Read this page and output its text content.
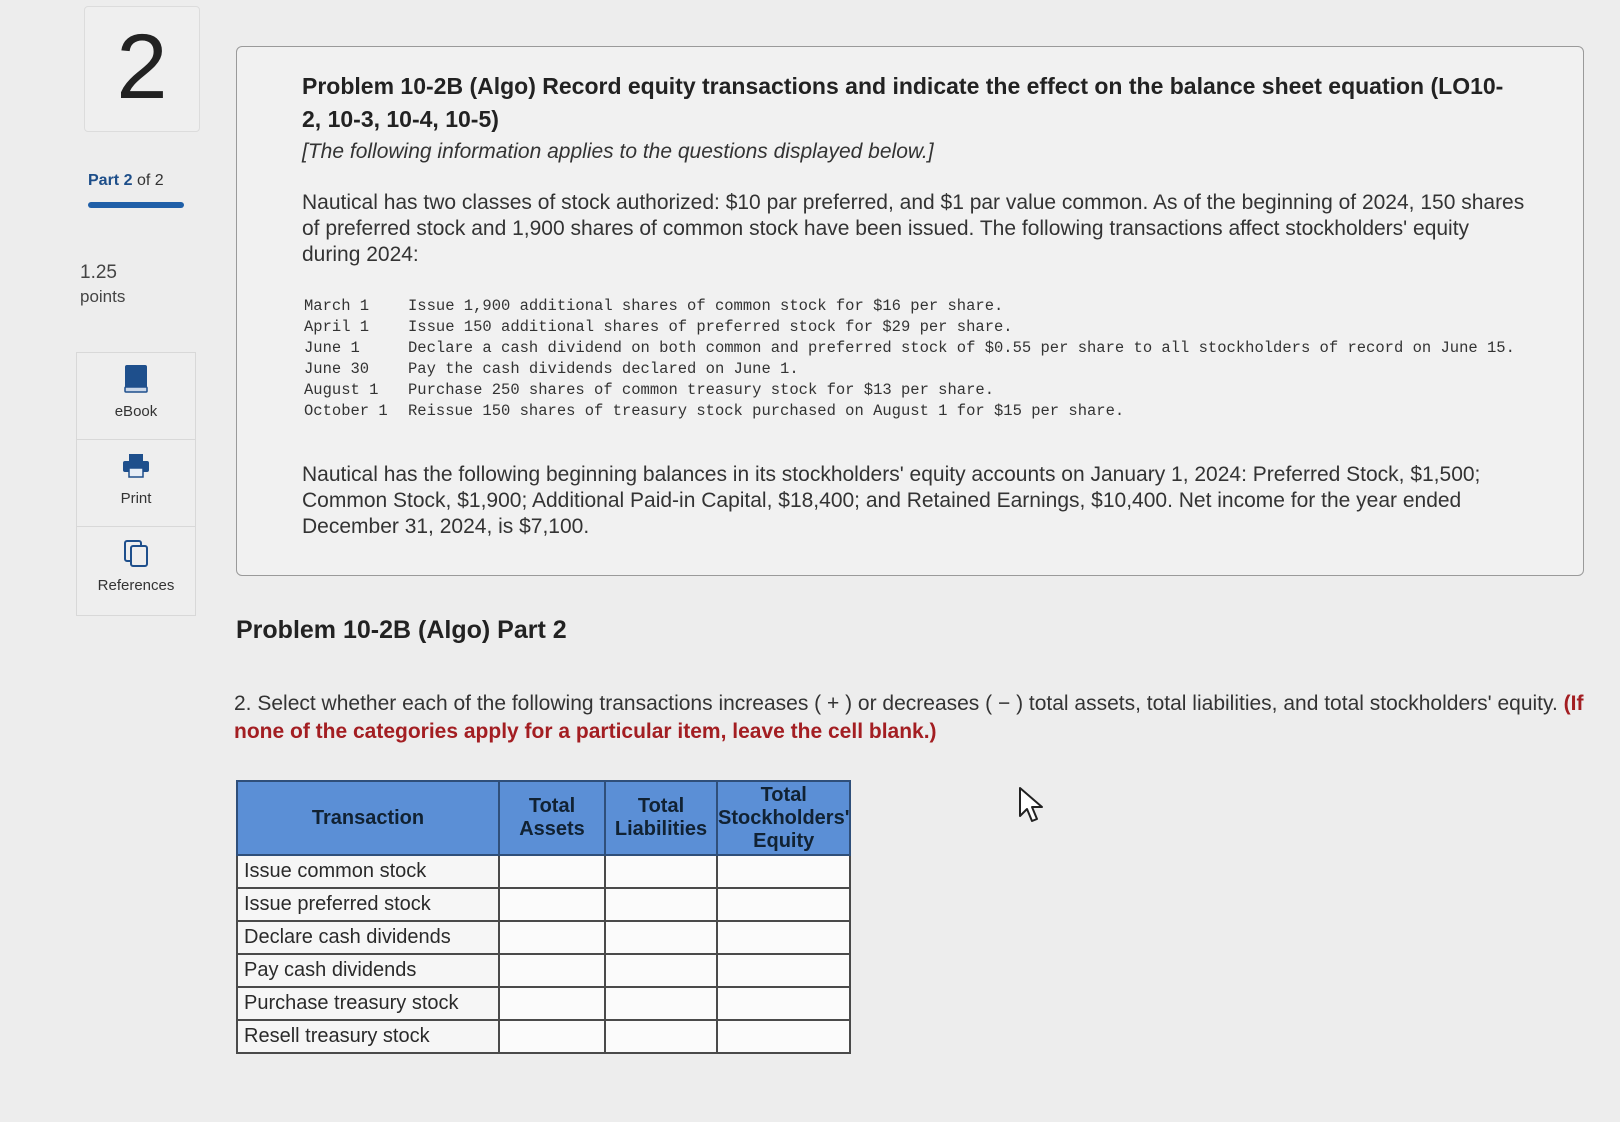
2
Part 2 of 2
1.25
points
eBook
Print
References
Problem 10-2B (Algo) Record equity transactions and indicate the effect on the balance sheet equation (LO10-2, 10-3, 10-4, 10-5)
[The following information applies to the questions displayed below.]
Nautical has two classes of stock authorized: $10 par preferred, and $1 par value common. As of the beginning of 2024, 150 shares of preferred stock and 1,900 shares of common stock have been issued. The following transactions affect stockholders' equity during 2024:
March 1	Issue 1,900 additional shares of common stock for $16 per share.
April 1	Issue 150 additional shares of preferred stock for $29 per share.
June 1	Declare a cash dividend on both common and preferred stock of $0.55 per share to all stockholders of record on June 15.
June 30	Pay the cash dividends declared on June 1.
August 1	Purchase 250 shares of common treasury stock for $13 per share.
October 1	Reissue 150 shares of treasury stock purchased on August 1 for $15 per share.
Nautical has the following beginning balances in its stockholders' equity accounts on January 1, 2024: Preferred Stock, $1,500; Common Stock, $1,900; Additional Paid-in Capital, $18,400; and Retained Earnings, $10,400. Net income for the year ended December 31, 2024, is $7,100.
Problem 10-2B (Algo) Part 2
2. Select whether each of the following transactions increases ( + ) or decreases ( − ) total assets, total liabilities, and total stockholders' equity. (If none of the categories apply for a particular item, leave the cell blank.)
Transaction	Total Assets	Total Liabilities	Total Stockholders' Equity
Issue common stock			
Issue preferred stock			
Declare cash dividends			
Pay cash dividends			
Purchase treasury stock			
Resell treasury stock			
